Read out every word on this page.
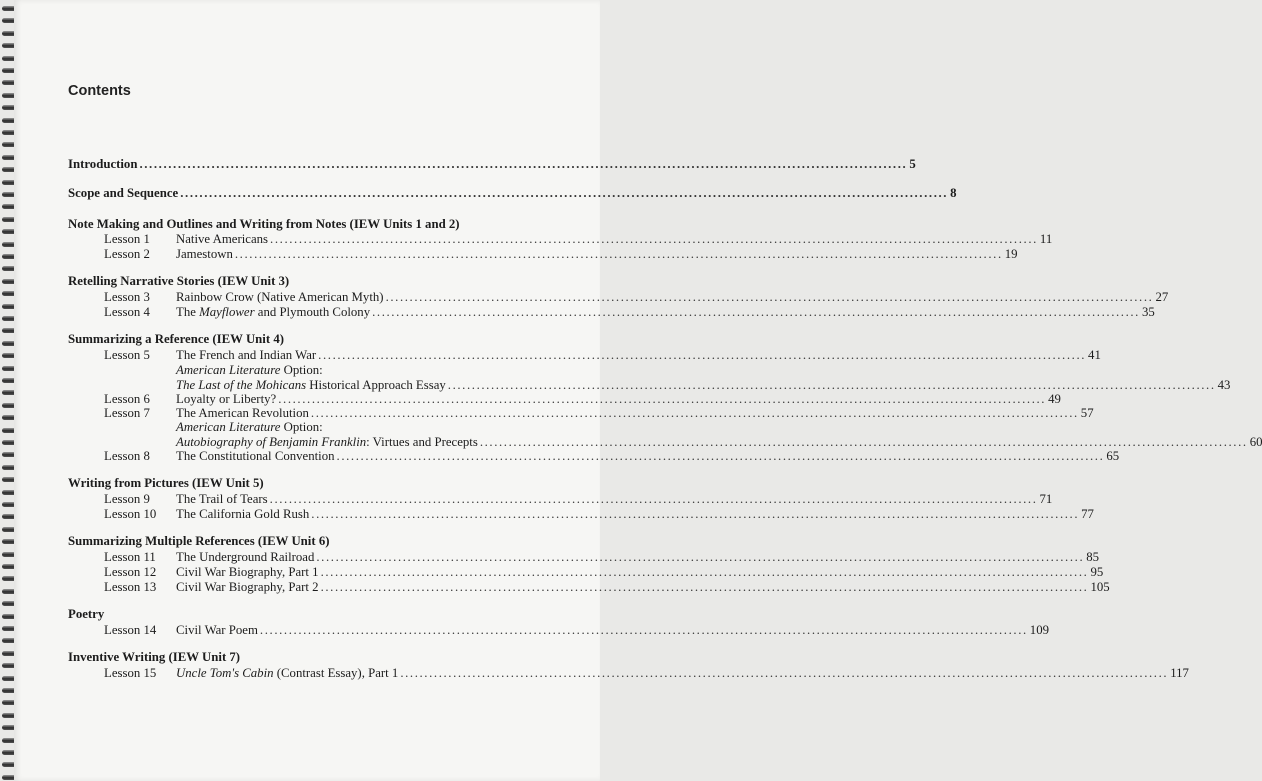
Contents
Introduction ................................................................................................................................................................ 5
Scope and Sequence ................................................................................................................................................................ 8
Note Making and Outlines and Writing from Notes (IEW Units 1 and 2)
Lesson 1 Native Americans ................................................................................................................................................................ 11
Lesson 2 Jamestown ................................................................................................................................................................ 19
Retelling Narrative Stories (IEW Unit 3)
Lesson 3 Rainbow Crow (Native American Myth) ................................................................................................................................................................ 27
Lesson 4 The Mayflower and Plymouth Colony ................................................................................................................................................................ 35
Summarizing a Reference (IEW Unit 4)
Lesson 5 The French and Indian War ................................................................................................................................................................ 41
American Literature Option:
The Last of the Mohicans Historical Approach Essay ................................................................................................................................................................ 43
Lesson 6 Loyalty or Liberty? ................................................................................................................................................................ 49
Lesson 7 The American Revolution ................................................................................................................................................................ 57
American Literature Option:
Autobiography of Benjamin Franklin: Virtues and Precepts ................................................................................................................................................................ 60
Lesson 8 The Constitutional Convention ................................................................................................................................................................ 65
Writing from Pictures (IEW Unit 5)
Lesson 9 The Trail of Tears ................................................................................................................................................................ 71
Lesson 10 The California Gold Rush ................................................................................................................................................................ 77
Summarizing Multiple References (IEW Unit 6)
Lesson 11 The Underground Railroad ................................................................................................................................................................ 85
Lesson 12 Civil War Biography, Part 1 ................................................................................................................................................................ 95
Lesson 13 Civil War Biography, Part 2 ................................................................................................................................................................ 105
Poetry
Lesson 14 Civil War Poem ................................................................................................................................................................ 109
Inventive Writing (IEW Unit 7)
Lesson 15 Uncle Tom's Cabin (Contrast Essay), Part 1 ................................................................................................................................................................ 117
